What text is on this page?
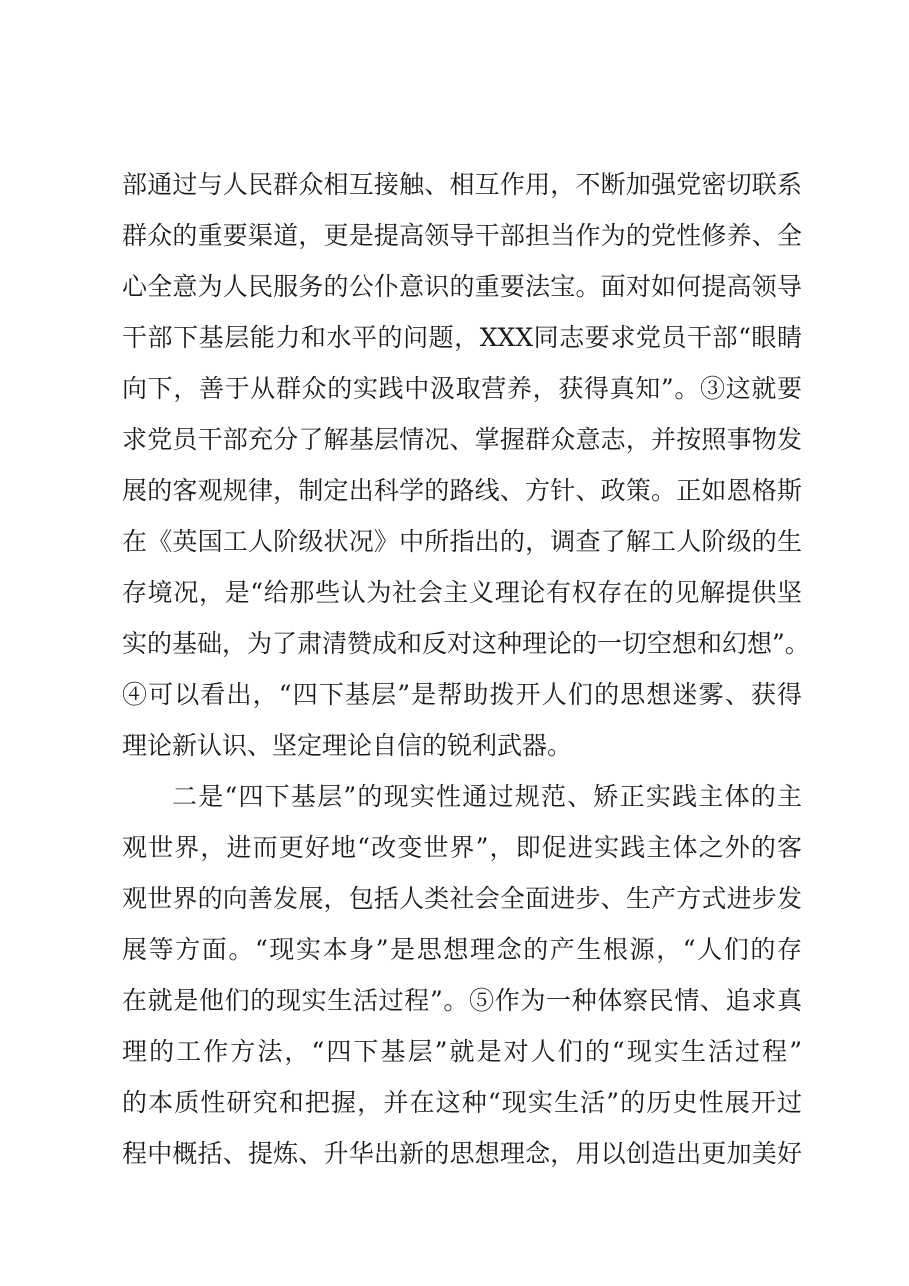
部通过与人民群众相互接触、相互作用，不断加强党密切联系
群众的重要渠道，更是提高领导干部担当作为的党性修养、全
心全意为人民服务的公仆意识的重要法宝。面对如何提高领导
干部下基层能力和水平的问题，XXX同志要求党员干部“眼睛
向下，善于从群众的实践中汲取营养，获得真知”。③这就要
求党员干部充分了解基层情况、掌握群众意志，并按照事物发
展的客观规律，制定出科学的路线、方针、政策。正如恩格斯
在《英国工人阶级状况》中所指出的，调查了解工人阶级的生
存境况，是“给那些认为社会主义理论有权存在的见解提供坚
实的基础，为了肃清赞成和反对这种理论的一切空想和幻想”。
④可以看出，“四下基层”是帮助拨开人们的思想迷雾、获得
理论新认识、坚定理论自信的锐利武器。
二是“四下基层”的现实性通过规范、矫正实践主体的主
观世界，进而更好地“改变世界”，即促进实践主体之外的客
观世界的向善发展，包括人类社会全面进步、生产方式进步发
展等方面。“现实本身”是思想理念的产生根源，“人们的存
在就是他们的现实生活过程”。⑤作为一种体察民情、追求真
理的工作方法，“四下基层”就是对人们的“现实生活过程”
的本质性研究和把握，并在这种“现实生活”的历史性展开过
程中概括、提炼、升华出新的思想理念，用以创造出更加美好
